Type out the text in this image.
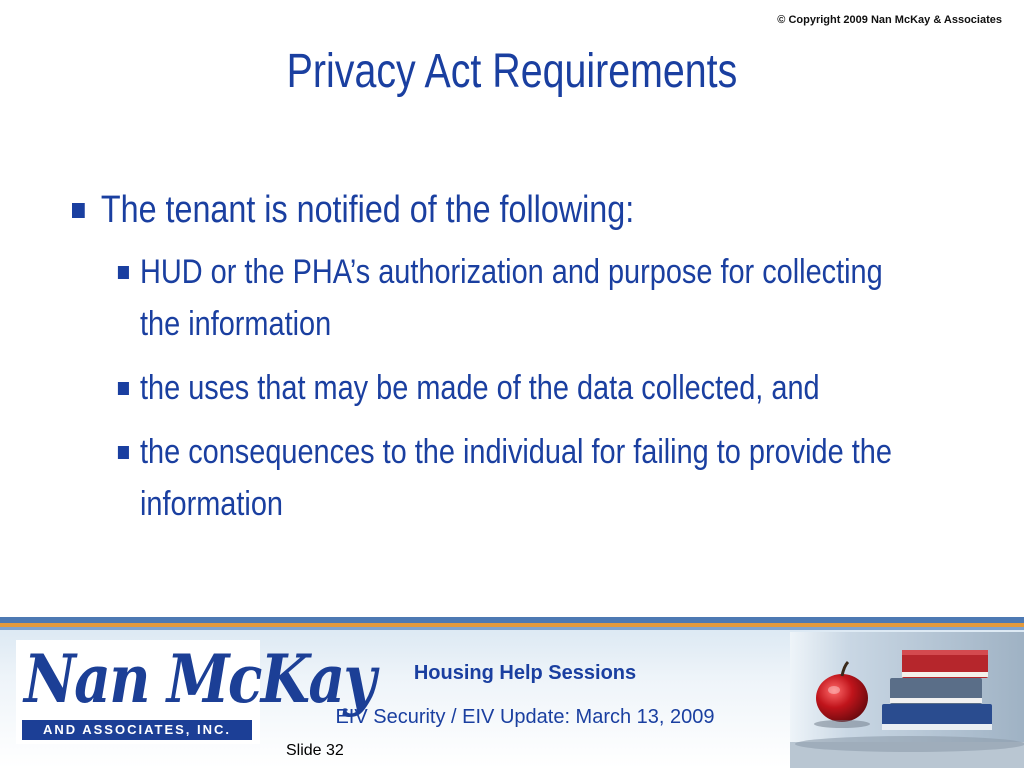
© Copyright 2009 Nan McKay & Associates
Privacy Act Requirements
The tenant is notified of the following:
HUD or the PHA’s authorization and purpose for collecting the information
the uses that may be made of the data collected, and
the consequences to the individual for failing to provide the information
Nan McKay
AND ASSOCIATES, INC.
Housing Help Sessions
EIV Security / EIV Update: March 13, 2009
Slide 32
